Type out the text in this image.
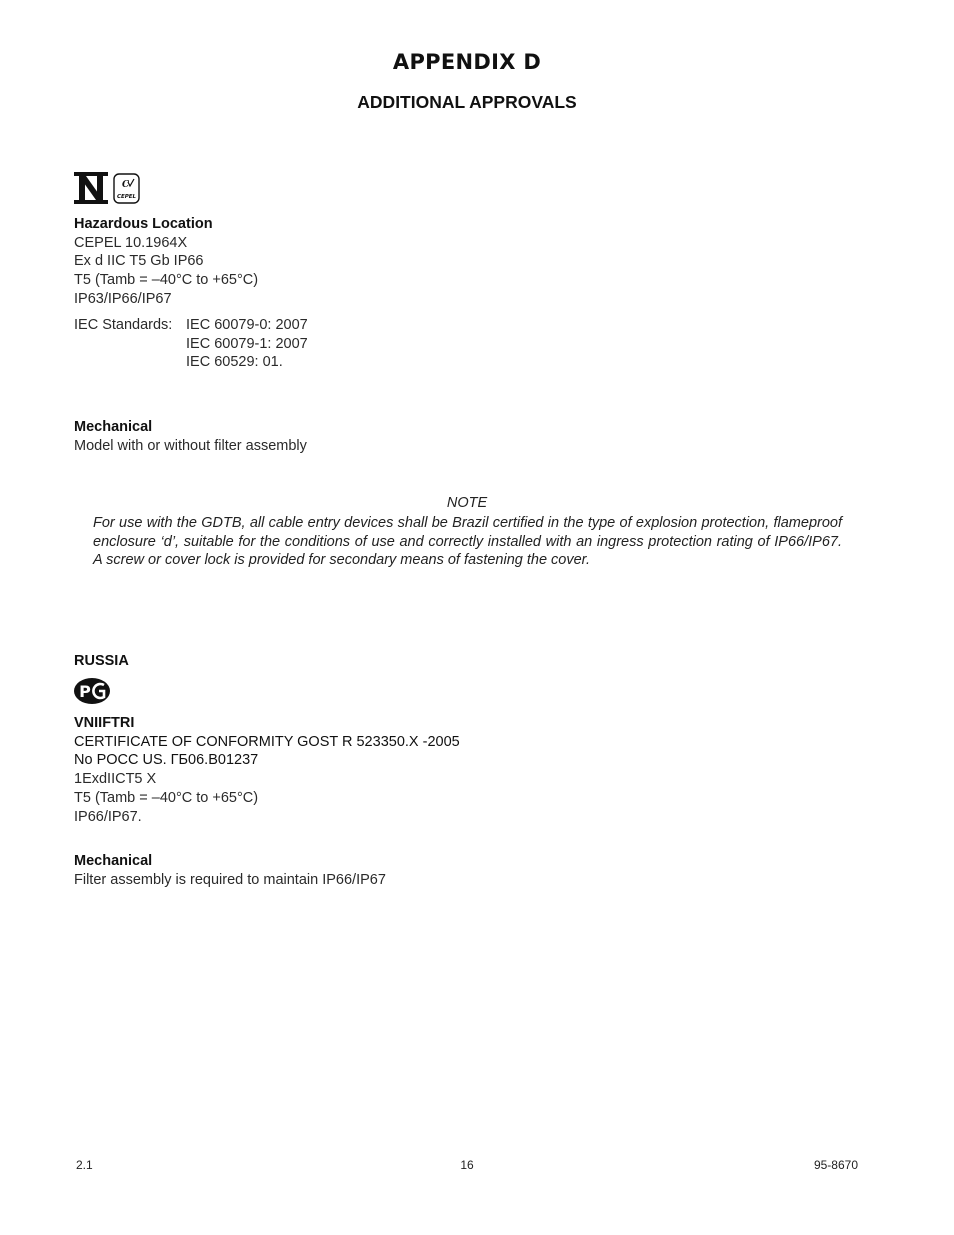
APPENDIX D
ADDITIONAL APPROVALS
C
CEPEL
Hazardous Location
CEPEL 10.1964X
Ex d IIC T5 Gb IP66
T5 (Tamb = –40°C to +65°C)
IP63/IP66/IP67
IEC Standards: IEC 60079-0: 2007
IEC 60079-1: 2007
IEC 60529: 01.
Mechanical
Model with or without filter assembly
NOTE
For use with the GDTB, all cable entry devices shall be Brazil certified in the type of explosion protection, flameproof enclosure ‘d’, suitable for the conditions of use and correctly installed with an ingress protection rating of IP66/IP67. A screw or cover lock is provided for secondary means of fastening the cover.
RUSSIA
P
VNIIFTRI
CERTIFICATE OF CONFORMITY GOST R 523350.X -2005
No POCC US. ГБ06.B01237
1ExdIICT5 X
T5 (Tamb = –40°C to +65°C)
IP66/IP67.
Mechanical
Filter assembly is required to maintain IP66/IP67
2.1	16	95-8670
